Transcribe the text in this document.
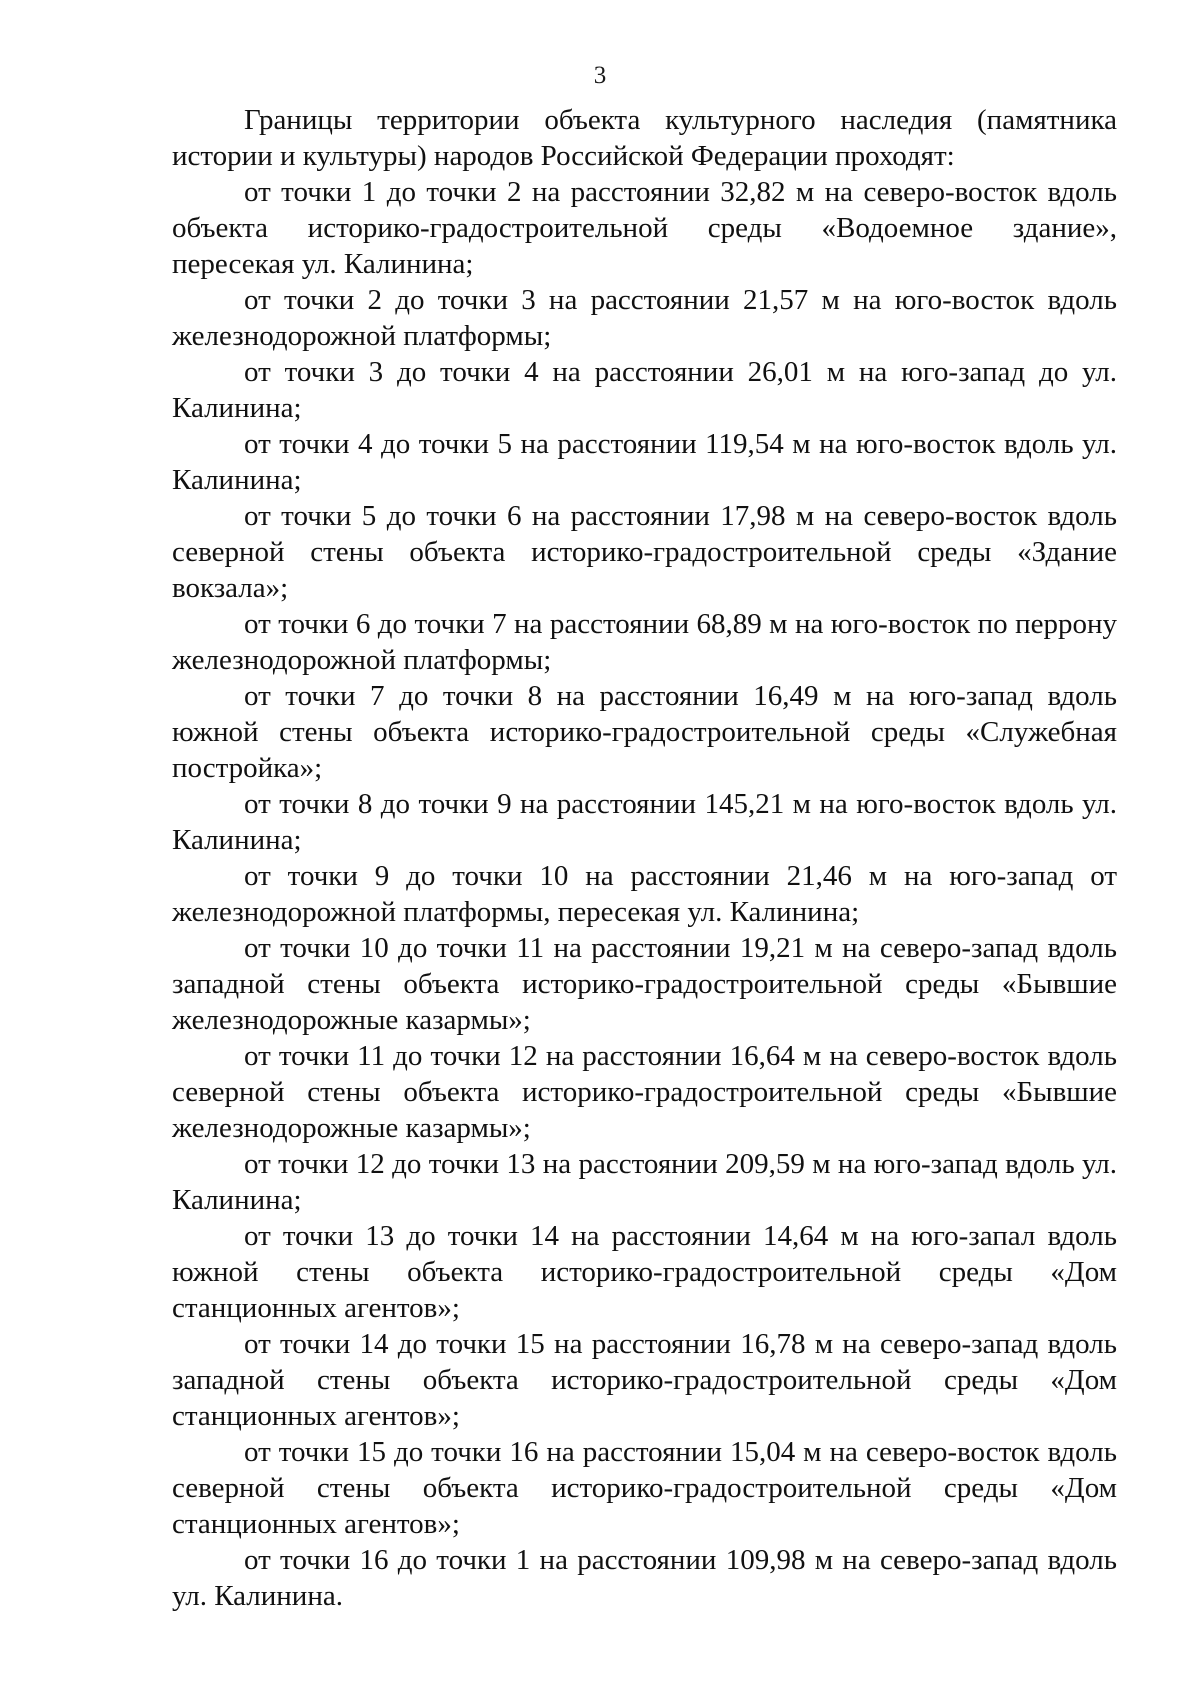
3

Границы территории объекта культурного наследия (памятника истории и культуры) народов Российской Федерации проходят:

от точки 1 до точки 2 на расстоянии 32,82 м на северо-восток вдоль объекта историко-градостроительной среды «Водоемное здание», пересекая ул. Калинина;

от точки 2 до точки 3 на расстоянии 21,57 м на юго-восток вдоль железнодорожной платформы;

от точки 3 до точки 4 на расстоянии 26,01 м на юго-запад до ул. Калинина;

от точки 4 до точки 5 на расстоянии 119,54 м на юго-восток вдоль ул. Калинина;

от точки 5 до точки 6 на расстоянии 17,98 м на северо-восток вдоль северной стены объекта историко-градостроительной среды «Здание вокзала»;

от точки 6 до точки 7 на расстоянии 68,89 м на юго-восток по перрону железнодорожной платформы;

от точки 7 до точки 8 на расстоянии 16,49 м на юго-запад вдоль южной стены объекта историко-градостроительной среды «Служебная постройка»;

от точки 8 до точки 9 на расстоянии 145,21 м на юго-восток вдоль ул. Калинина;

от точки 9 до точки 10 на расстоянии 21,46 м на юго-запад от железнодорожной платформы, пересекая ул. Калинина;

от точки 10 до точки 11 на расстоянии 19,21 м на северо-запад вдоль западной стены объекта историко-градостроительной среды «Бывшие железнодорожные казармы»;

от точки 11 до точки 12 на расстоянии 16,64 м на северо-восток вдоль северной стены объекта историко-градостроительной среды «Бывшие железнодорожные казармы»;

от точки 12 до точки 13 на расстоянии 209,59 м на юго-запад вдоль ул. Калинина;

от точки 13 до точки 14 на расстоянии 14,64 м на юго-запал вдоль южной стены объекта историко-градостроительной среды «Дом станционных агентов»;

от точки 14 до точки 15 на расстоянии 16,78 м на северо-запад вдоль западной стены объекта историко-градостроительной среды «Дом станционных агентов»;

от точки 15 до точки 16 на расстоянии 15,04 м на северо-восток вдоль северной стены объекта историко-градостроительной среды «Дом станционных агентов»;

от точки 16 до точки 1 на расстоянии 109,98 м на северо-запад вдоль ул. Калинина.
